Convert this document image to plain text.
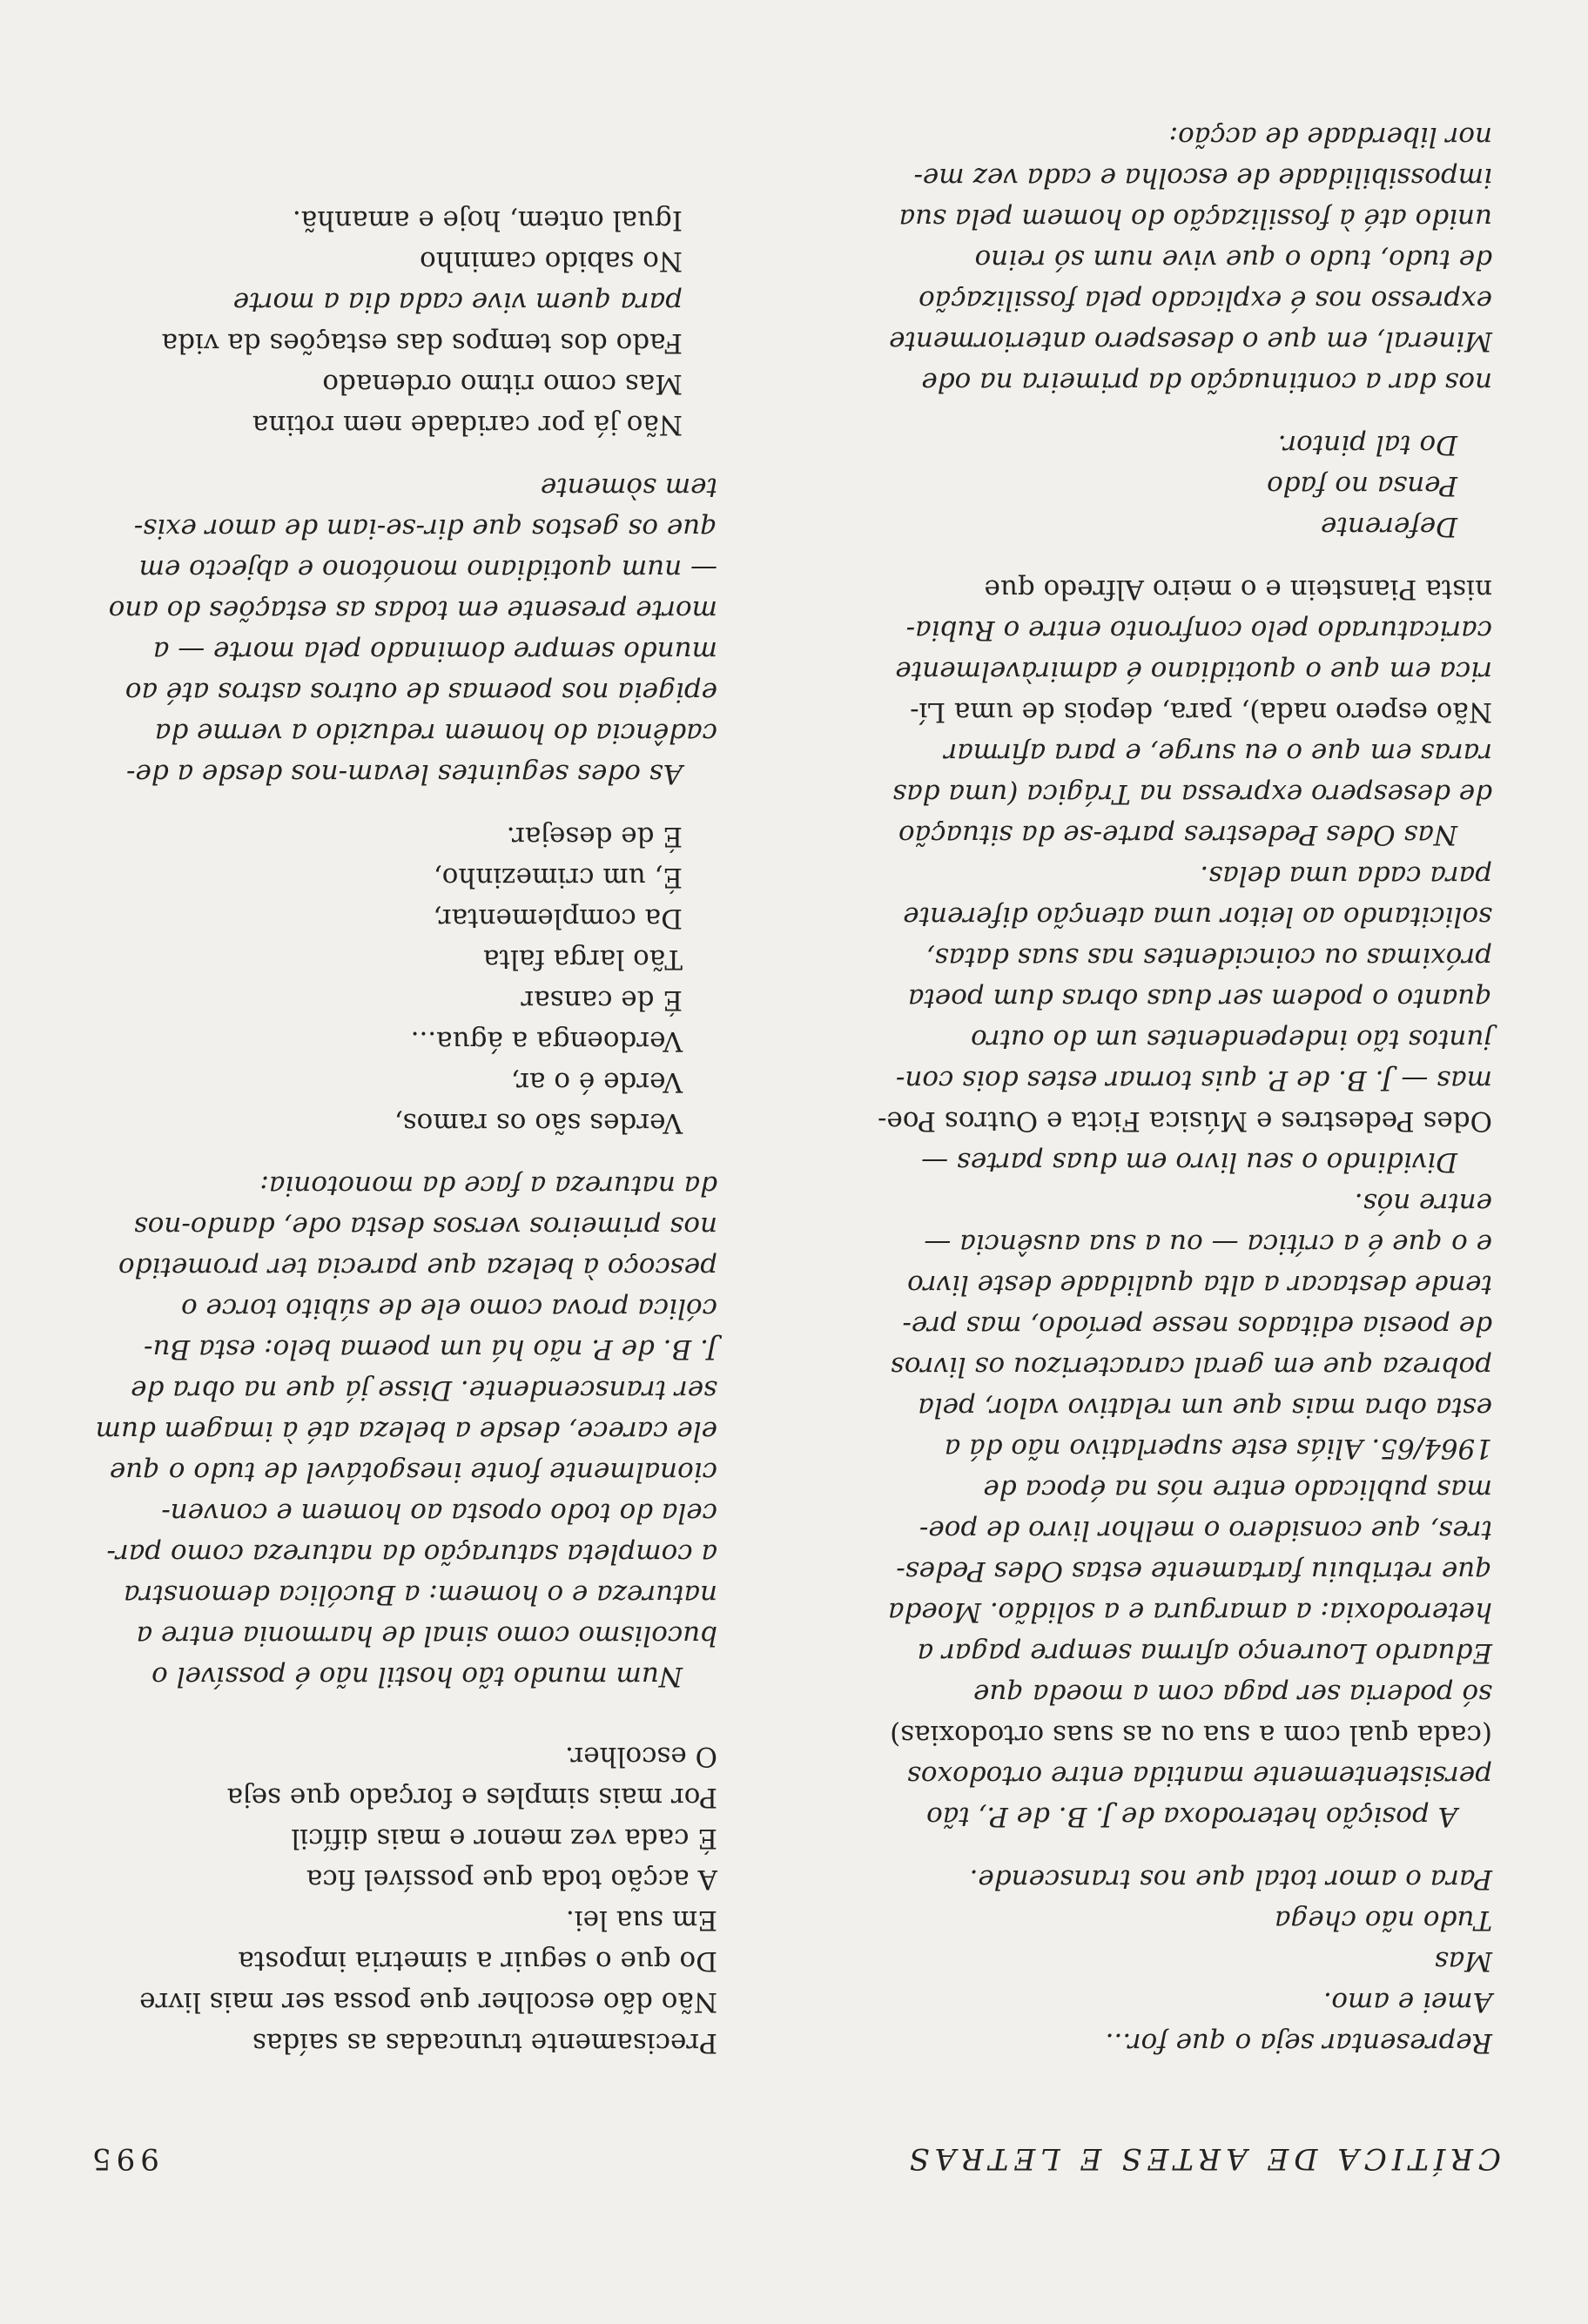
CRÍTICA DE ARTES E LETRAS
995

Representar seja o que for...

Amei e amo.

Mas

Tudo não chega

Para o amor total que nos transcende.

A posição heterodoxa de J. B. de P., tão

persistentemente mantida entre ortodoxos

(cada qual com a sua ou as suas ortodoxias)

só poderia ser paga com a moeda que

Eduardo Lourenço afirma sempre pagar a

heterodoxia: a amargura e a solidão. Moeda

que retribuiu fartamente estas Odes Pedes-

tres, que considero o melhor livro de poe-

mas publicado entre nós na época de

1964/65. Aliás este superlativo não dá a

esta obra mais que um relativo valor, pela

pobreza que em geral caracterizou os livros

de poesia editados nesse período, mas pre-

tende destacar a alta qualidade deste livro

e o que é a crítica — ou a sua ausência —

entre nós.

Dividindo o seu livro em duas partes —

Odes Pedestres e Música Ficta e Outros Poe-

mas — J. B. de P. quis tornar estes dois con-

juntos tão independentes um do outro

quanto o podem ser duas obras dum poeta

próximas ou coincidentes nas suas datas,

solicitando ao leitor uma atenção diferente

para cada uma delas.

Nas Odes Pedestres parte-se da situação

de desespero expressa na Trágica (uma das

raras em que o eu surge, e para afirmar

Não espero nada), para, depois de uma Lí-

rica em que o quotidiano é admiràvelmente

caricaturado pelo confronto entre o Rubia-

nista Pianstein e o meiro Alfredo que

Deferente

Pensa no fado

Do tal pintor.

nos dar a continuação da primeira na ode

Mineral, em que o desespero anteriormente

expresso nos é explicado pela fossilização

de tudo, tudo o que vive num só reino

unido até à fossilização do homem pela sua

impossibilidade de escolha e cada vez me-

nor liberdade de acção:

Precisamente truncadas as saídas

Não dão escolher que possa ser mais livre

Do que o seguir a simetria imposta

Em sua lei.

A acção toda que possível fica

É cada vez menor e mais difícil

Por mais simples e forçado que seja

O escolher.

Num mundo tão hostil não é possível o

bucolismo como sinal de harmonia entre a

natureza e o homem: a Bucólica demonstra

a completa saturação da natureza como par-

cela do todo oposta ao homem e conven-

cionalmente fonte inesgotável de tudo o que

ele carece, desde a beleza até à imagem dum

ser transcendente. Disse já que na obra de

J. B. de P. não há um poema belo: esta Bu-

cólica prova como ele de súbito torce o

pescoço à beleza que parecia ter prometido

nos primeiros versos desta ode, dando-nos

da natureza a face da monotonia:

Verdes são os ramos,

Verde é o ar,

Verdoenga a água...

É de cansar

Tão larga falta

Da complementar,

É, um crimezinho,

É de desejar.

As odes seguintes levam-nos desde a de-

cadência do homem reduzido a verme da

epigeia nos poemas de outros astros até ao

mundo sempre dominado pela morte — a

morte presente em todas as estações do ano

— num quotidiano monótono e abjecto em

que os gestos que dir-se-iam de amor exis-

tem sòmente

Não já por caridade nem rotina

Mas como ritmo ordenado

Fado dos tempos das estações da vida

para quem vive cada dia a morte

No sabido caminho

Igual ontem, hoje e amanhã.
